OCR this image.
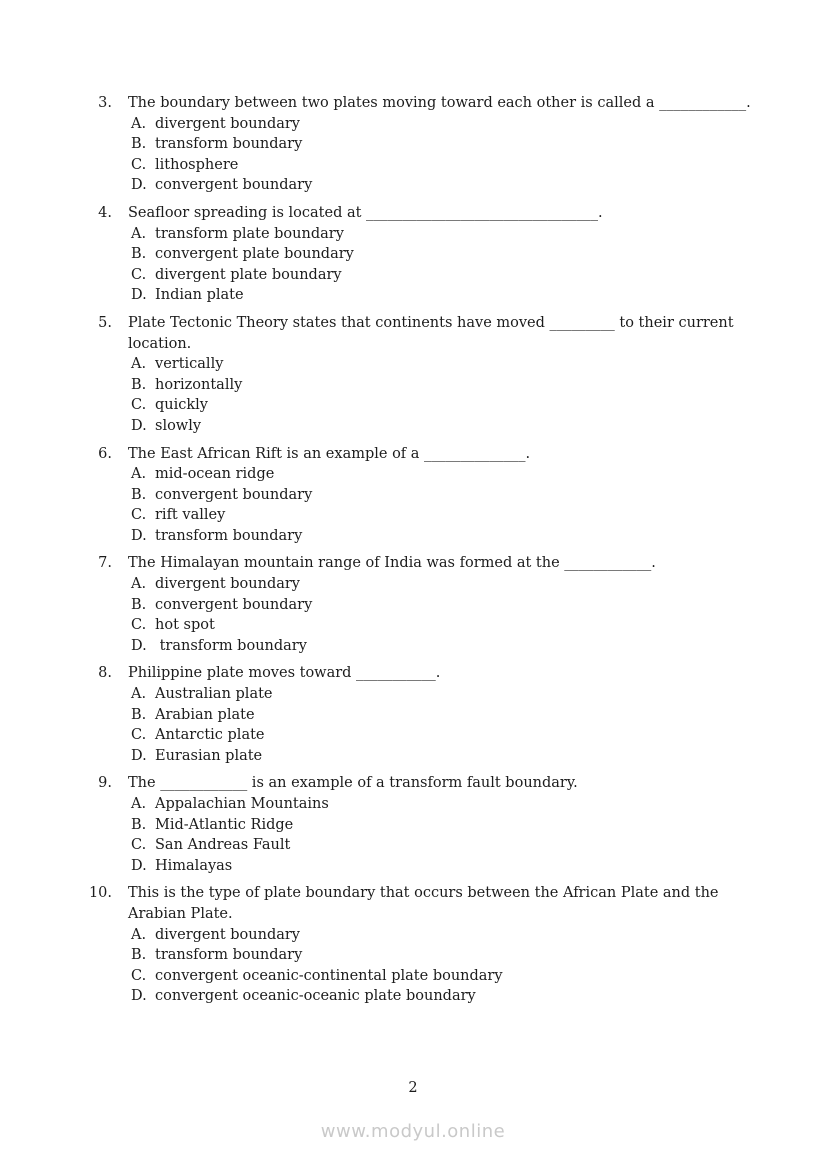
3. The boundary between two plates moving toward each other is called a ____________.
A. divergent boundary
B. transform boundary
C. lithosphere
D. convergent boundary
4. Seafloor spreading is located at ________________________________.
A. transform plate boundary
B. convergent plate boundary
C. divergent plate boundary
D. Indian plate
5. Plate Tectonic Theory states that continents have moved _________ to their current
location.
A. vertically
B. horizontally
C. quickly
D. slowly
6. The East African Rift is an example of a ______________.
A. mid-ocean ridge
B. convergent boundary
C. rift valley
D. transform boundary
7. The Himalayan mountain range of India was formed at the ____________.
A. divergent boundary
B. convergent boundary
C. hot spot
D. transform boundary
8. Philippine plate moves toward ___________.
A. Australian plate
B. Arabian plate
C. Antarctic plate
D. Eurasian plate
9. The ____________ is an example of a transform fault boundary.
A. Appalachian Mountains
B. Mid-Atlantic Ridge
C. San Andreas Fault
D. Himalayas
10. This is the type of plate boundary that occurs between the African Plate and the
Arabian Plate.
A. divergent boundary
B. transform boundary
C. convergent oceanic-continental plate boundary
D. convergent oceanic-oceanic plate boundary
2
www.modyul.online
